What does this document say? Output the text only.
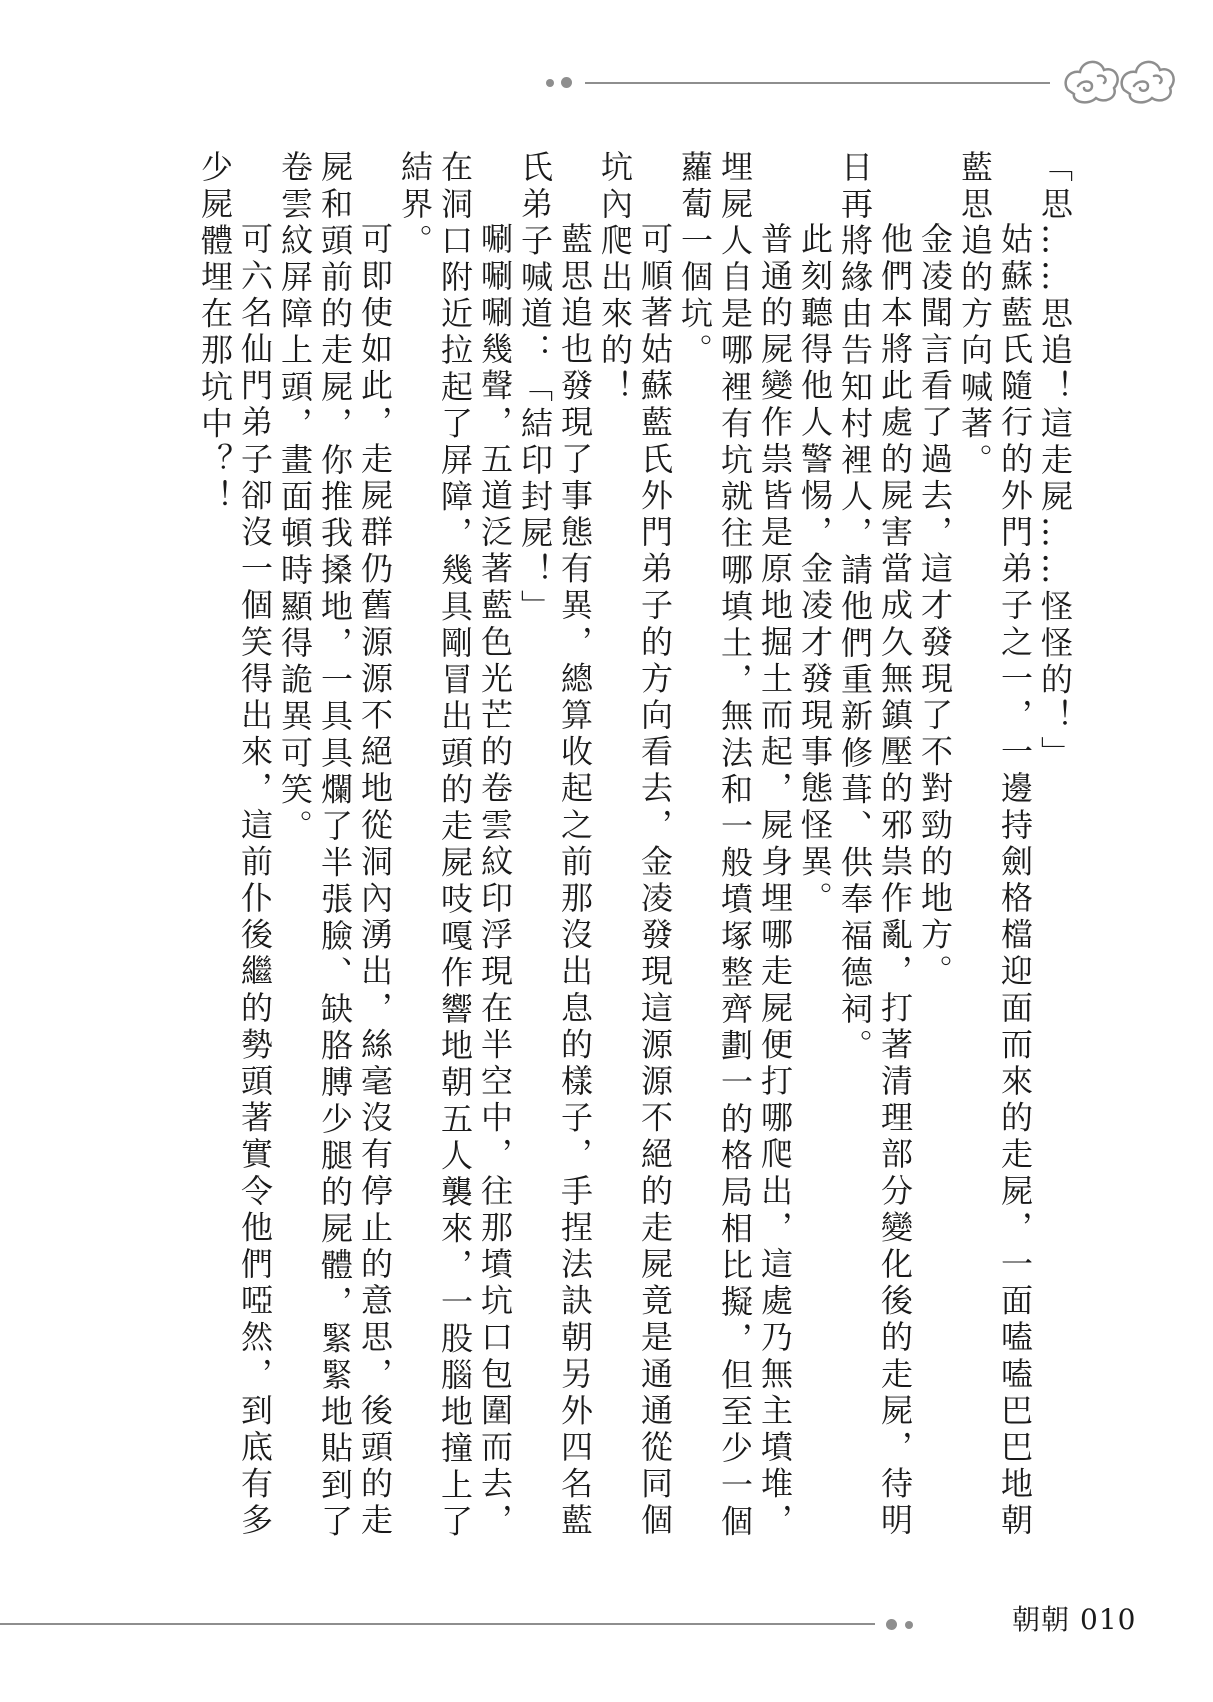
「思……思追！這走屍……怪怪的！」
姑蘇藍氏隨行的外門弟子之一，一邊持劍格檔迎面而來的走屍，一面嗑嗑巴巴地朝
藍思追的方向喊著。
金凌聞言看了過去，這才發現了不對勁的地方。
他們本將此處的屍害當成久無鎮壓的邪祟作亂，打著清理部分變化後的走屍，待明
日再將緣由告知村裡人，請他們重新修葺、供奉福德祠。
此刻聽得他人警惕，金凌才發現事態怪異。
普通的屍變作祟皆是原地掘土而起，屍身埋哪走屍便打哪爬出，這處乃無主墳堆，
埋屍人自是哪裡有坑就往哪填土，無法和一般墳塚整齊劃一的格局相比擬，但至少一個
蘿蔔一個坑。
可順著姑蘇藍氏外門弟子的方向看去，金凌發現這源源不絕的走屍竟是通通從同個
坑內爬出來的！
藍思追也發現了事態有異，總算收起之前那沒出息的樣子，手捏法訣朝另外四名藍
氏弟子喊道：「結印封屍！」
唰唰唰幾聲，五道泛著藍色光芒的卷雲紋印浮現在半空中，往那墳坑口包圍而去，
在洞口附近拉起了屏障，幾具剛冒出頭的走屍吱嘎作響地朝五人襲來，一股腦地撞上了
結界。
可即使如此，走屍群仍舊源源不絕地從洞內湧出，絲毫沒有停止的意思，後頭的走
屍和頭前的走屍，你推我搡地，一具具爛了半張臉、缺胳膊少腿的屍體，緊緊地貼到了
卷雲紋屏障上頭，畫面頓時顯得詭異可笑。
可六名仙門弟子卻沒一個笑得出來，這前仆後繼的勢頭著實令他們啞然，到底有多
少屍體埋在那坑中？！
朝朝 010
